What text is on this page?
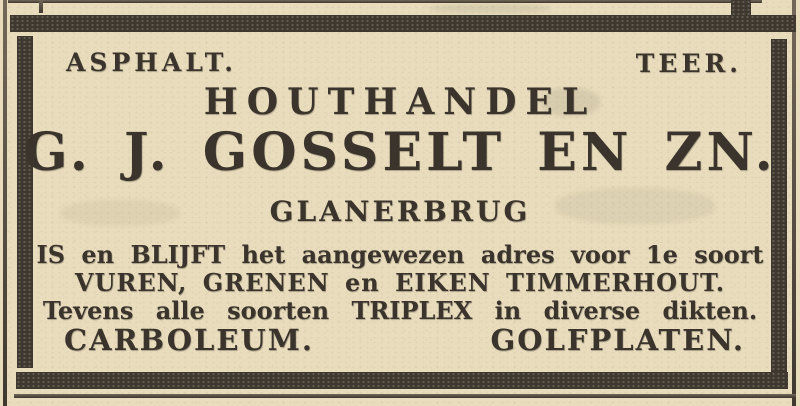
ASPHALT.	TEER.
HOUTHANDEL
G. J. GOSSELT EN ZN.
GLANERBRUG
IS en BLIJFT het aangewezen adres voor 1e soort
VUREN, GRENEN en EIKEN TIMMERHOUT.
Tevens alle soorten TRIPLEX in diverse dikten.
CARBOLEUM.	GOLFPLATEN.
